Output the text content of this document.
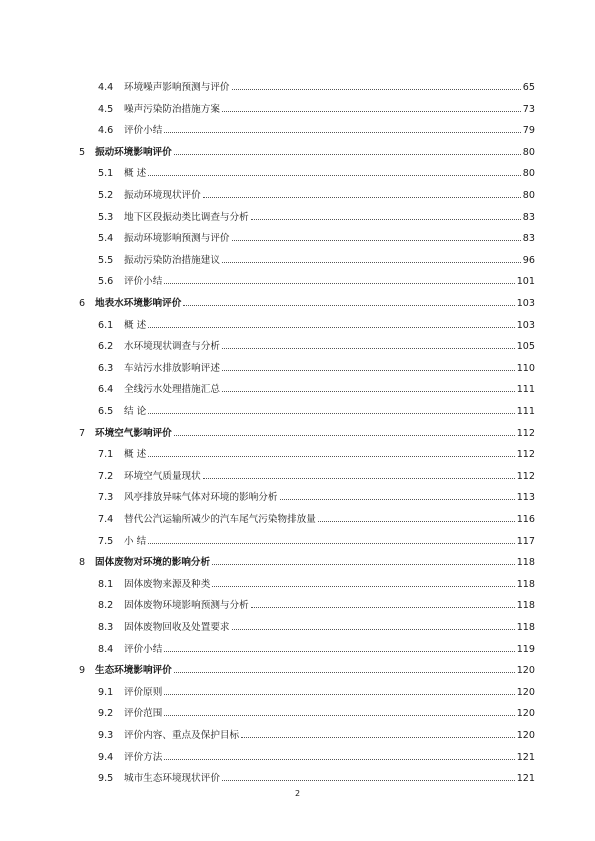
4.4 环境噪声影响预测与评价	65
4.5 噪声污染防治措施方案	73
4.6 评价小结	79
5 振动环境影响评价	80
5.1 概 述	80
5.2 振动环境现状评价	80
5.3 地下区段振动类比调查与分析	83
5.4 振动环境影响预测与评价	83
5.5 振动污染防治措施建议	96
5.6 评价小结	101
6 地表水环境影响评价	103
6.1 概 述	103
6.2 水环境现状调查与分析	105
6.3 车站污水排放影响评述	110
6.4 全线污水处理措施汇总	111
6.5 结 论	111
7 环境空气影响评价	112
7.1 概 述	112
7.2 环境空气质量现状	112
7.3 风亭排放异味气体对环境的影响分析	113
7.4 替代公汽运输所减少的汽车尾气污染物排放量	116
7.5 小 结	117
8 固体废物对环境的影响分析	118
8.1 固体废物来源及种类	118
8.2 固体废物环境影响预测与分析	118
8.3 固体废物回收及处置要求	118
8.4 评价小结	119
9 生态环境影响评价	120
9.1 评价原则	120
9.2 评价范围	120
9.3 评价内容、重点及保护目标	120
9.4 评价方法	121
9.5 城市生态环境现状评价	121
2
